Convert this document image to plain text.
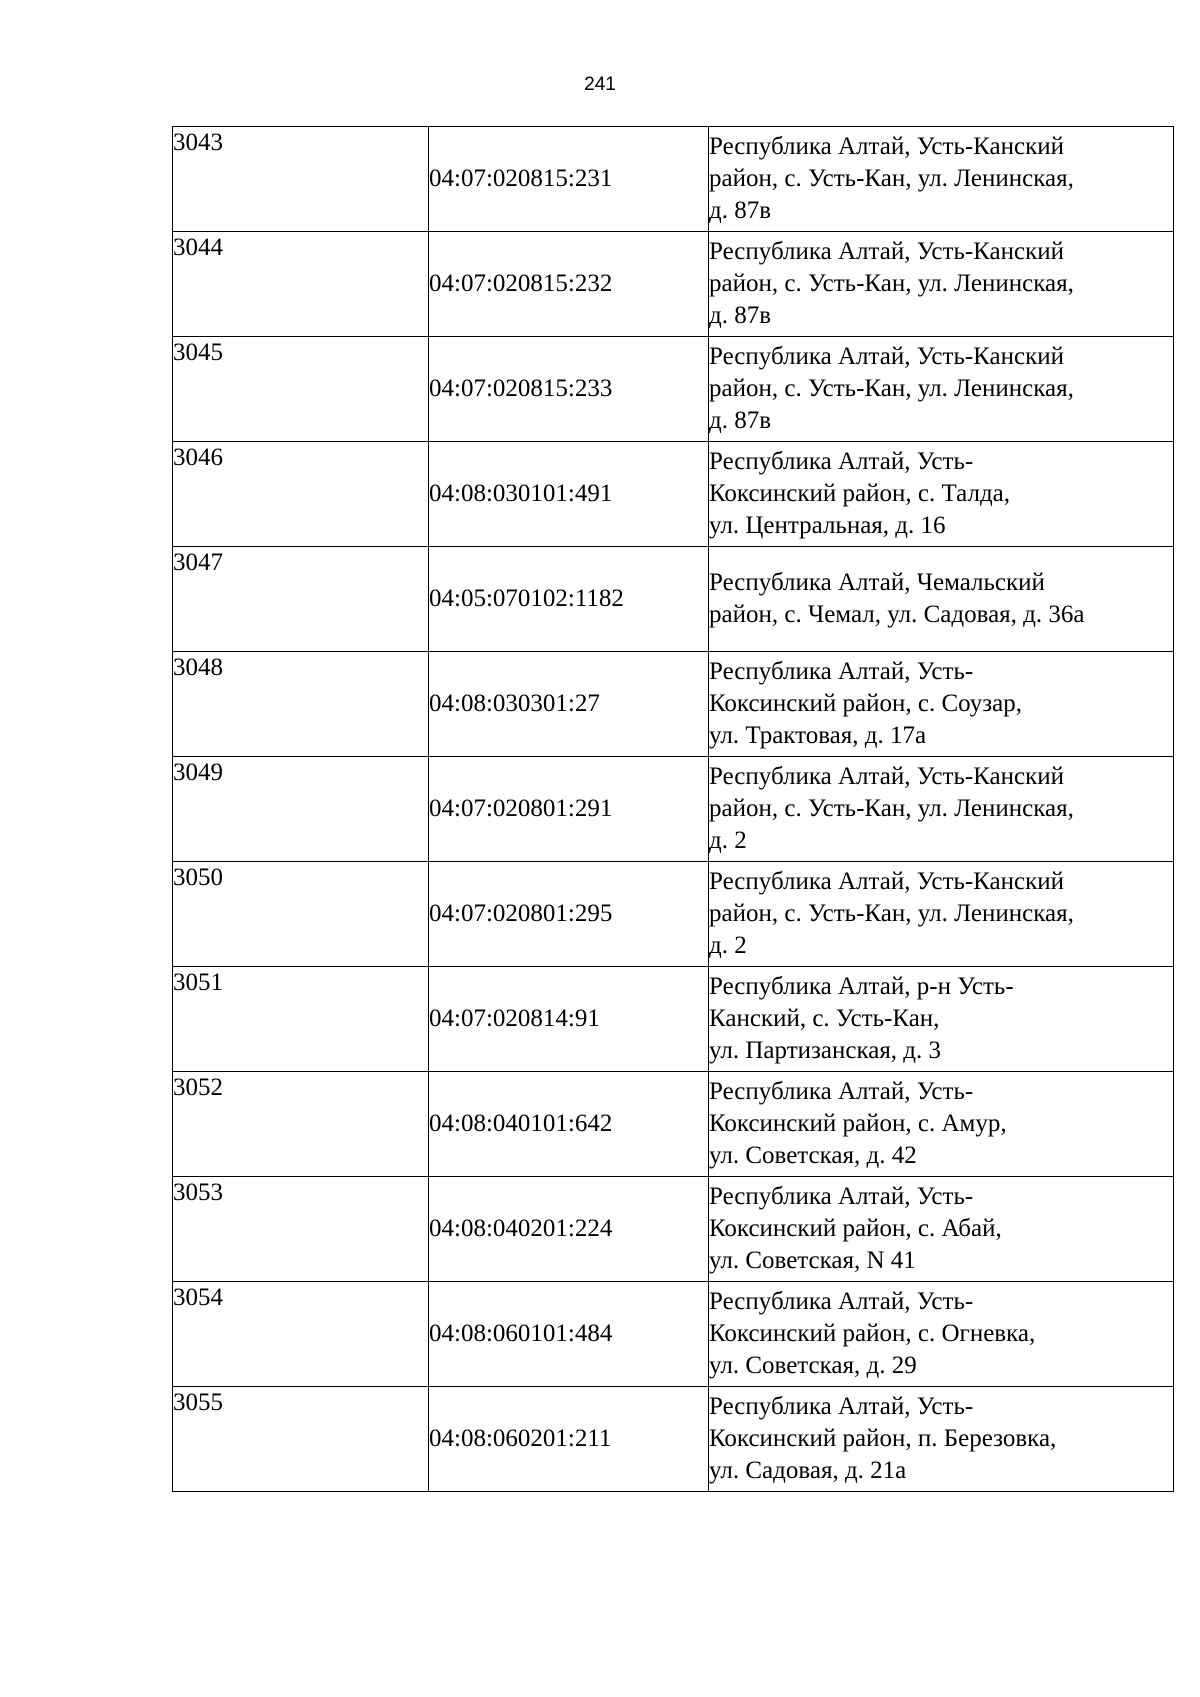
241
3043	04:07:020815:231	Республика Алтай, Усть-Канский
район, с. Усть-Кан, ул. Ленинская,
д. 87в
3044	04:07:020815:232	Республика Алтай, Усть-Канский
район, с. Усть-Кан, ул. Ленинская,
д. 87в
3045	04:07:020815:233	Республика Алтай, Усть-Канский
район, с. Усть-Кан, ул. Ленинская,
д. 87в
3046	04:08:030101:491	Республика Алтай, Усть-
Коксинский район, с. Талда,
ул. Центральная, д. 16
3047	04:05:070102:1182	Республика Алтай, Чемальский
район, с. Чемал, ул. Садовая, д. 36а
3048	04:08:030301:27	Республика Алтай, Усть-
Коксинский район, с. Соузар,
ул. Трактовая, д. 17а
3049	04:07:020801:291	Республика Алтай, Усть-Канский
район, с. Усть-Кан, ул. Ленинская,
д. 2
3050	04:07:020801:295	Республика Алтай, Усть-Канский
район, с. Усть-Кан, ул. Ленинская,
д. 2
3051	04:07:020814:91	Республика Алтай, р-н Усть-
Канский, с. Усть-Кан,
ул. Партизанская, д. 3
3052	04:08:040101:642	Республика Алтай, Усть-
Коксинский район, с. Амур,
ул. Советская, д. 42
3053	04:08:040201:224	Республика Алтай, Усть-
Коксинский район, с. Абай,
ул. Советская, N 41
3054	04:08:060101:484	Республика Алтай, Усть-
Коксинский район, с. Огневка,
ул. Советская, д. 29
3055	04:08:060201:211	Республика Алтай, Усть-
Коксинский район, п. Березовка,
ул. Садовая, д. 21а
